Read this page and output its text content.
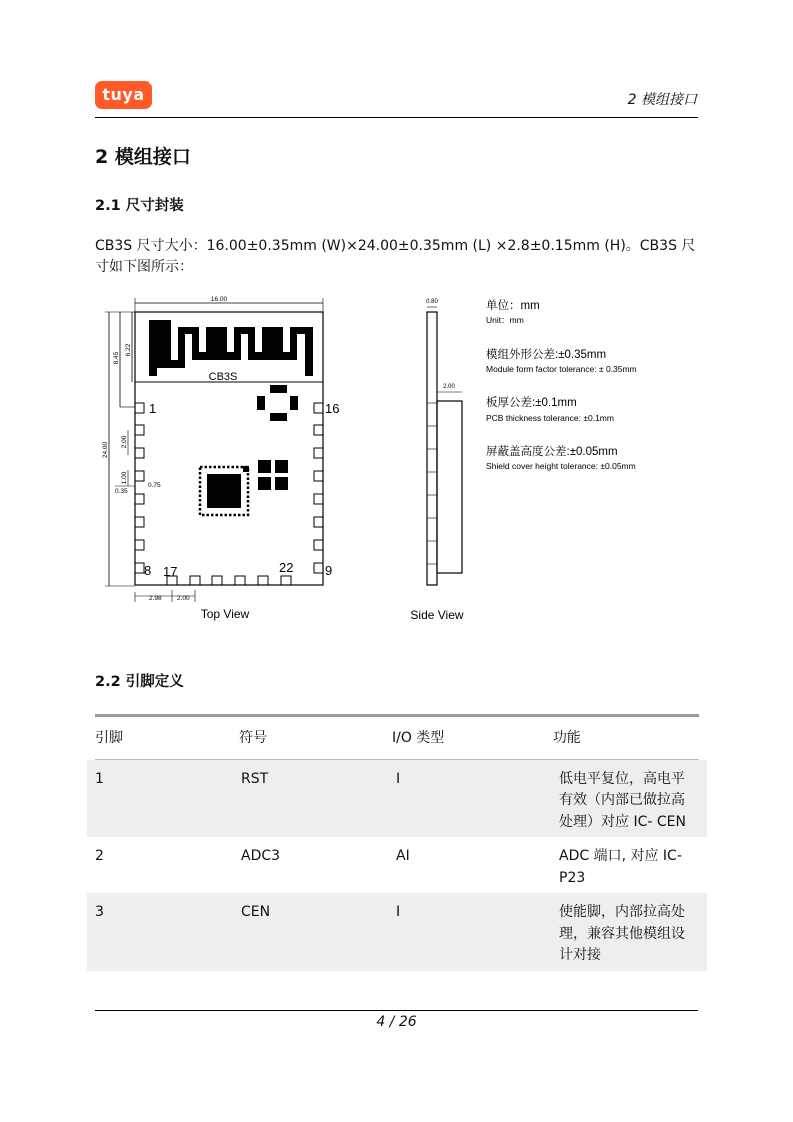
tuya ◝
2 模组接口
2 模组接口
2.1 尺寸封装
CB3S 尺寸大小：16.00±0.35mm (W)×24.00±0.35mm (L) ×2.8±0.15mm (H)。CB3S 尺寸如下图所示：
16.00
24.00
8.45
6.22
2.00
1.00
0.75
0.35
2.98 2.00
CB3S
1	16
8 17	22 9
Top View
0.80
2.00
Side View
单位：mm
Unit：mm
模组外形公差:±0.35mm
Module form factor tolerance: ± 0.35mm
板厚公差:±0.1mm
PCB thickness tolerance: ±0.1mm
屏蔽盖高度公差:±0.05mm
Shield cover height tolerance: ±0.05mm
2.2 引脚定义
引脚	符号	I/O 类型	功能
1	RST	I	低电平复位，高电平有效（内部已做拉高处理）对应 IC- CEN
2	ADC3	AI	ADC 端口, 对应 IC-P23
3	CEN	I	使能脚，内部拉高处理，兼容其他模组设计对接
4 / 26
